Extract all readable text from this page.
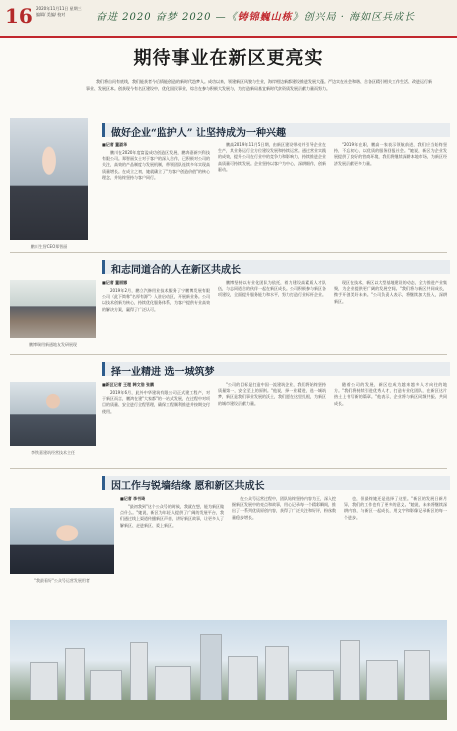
16 2020年11月11日 星期三
编辑/ 美编/ 校对	奋进 2020 奋梦 2020 —《铸锦巍山栋》创兴局 · 海如区兵成长
期待事业在新区更亮实
我们将自问有底线，我们能获者今后情能创造的新时代趋梦人。成功以来，领建新区风貌与生业，海岸相边新都建设推进发展大蓬。严边实在社会和谐、合各区精引相关工作生活、改进运行新事业、发展区本。创获现今有名区建设中，优化国民事业，综合在参与积极大发展与，为打造新局基宜新时代贫资质发展贡献力量而努力。
鹏川生智CEO郑智丽
做好企业“监护人” 让坚持成为一种兴趣
■记者 董淑华
鹏川在2020年度富盈成功创造区发展，鹏奔嘉新兴科技有限公司。郑智丽女士对于客户的深入合作，已积极对公司的关注，高效的产品制度与发展机制，带领团队连续多年实现高质量增长。在成立之初，她就确立了"为客户创造价值"的核心理念，并始终坚持与客户同行。
鹏高2019年11月5日期，由新区建设带动并引导企业在生产，其业务运行全方位建设发展和持续运营。通过营业实践的成效，提升公司在行业中的竞争力和影响力，持续推进企业高质量可持续发展。企业坚持以客户为中心，深耕细作，创新驱动。
"2019年在职，鹏高一家表示领航前进，我们应当始终坚持，不忘初心，以优质的服务回报社会。"她说，新区为企业发展提供了良好的营商环境，我们将继续深耕本地市场，为新区经济发展贡献更多力量。
和志同道合的人在新区共成长
鹏博瑞用新通地友发研展现
■记者 董丽娜
2019年2月，鹏立汽修用业技术服务了宁鹏博发展有限公司（此下简称"名厚有源"）入驻启动区，开展新业务。公司以技术创新为核心，持续优化服务体系，为客户提供专业高效的解决方案，赢得了广泛认可。
鹏博坚持以专业化团队为依托，着力建设高素质人才队伍，与志同道合的伙伴一起在新区成长。公司积极参与新区各项建设，全面提升服务能力和水平，努力打造行业标杆企业。
现区在技术，新区以大型基地建设的动态，全力推进产业集聚，为企业提供更广阔的发展空间。"我们将与新区共同成长，携手开创美好未来。"公司负责人表示，将继续加大投入，深耕新区。
择一业精进 选一城筑梦
李铁嘉建筑经营技术主任
■新区记者 王理 韩文浩 张鹏
2019年6月，此外中华建筑有限公司正式建工程产，对于新区而言，鹏鸿在建"大家都"的一站式发展，在过程中对项目的质量、安全进行全程管理，确保工程顺利推进并按期交付使用。
"公司的目标是打造中国一流建筑企业，我们将始终坚持质量第一，安全至上的原则。"他说，择一业精进，选一城筑梦，新区是我们事业发展的沃土，我们愿在这里扎根，为新区的城市建设贡献力量。
随着公司的发展，新区也成为越来越多人才向往的地方。"我们将持续引进优秀人才，打造专业化团队，在新区这片热土上书写新的篇章。"他表示，企业将与新区同频共振、共同成长。
因工作与锐墙结缘 愿和新区共成长
"我最看好"公众号运营发展用者
■记者 李书琦
"最初我到"这个公众号的时候，我就在想，能为新区做点什么。"她说，新区为年轻人提供了广阔的发展平台，我们通过线上渠道传播新区声音，讲好新区故事，让更多人了解新区、走进新区、爱上新区。
在公众号运营过程中，团队始终坚持内容为王，深入挖掘新区发展中的亮点和故事，用心记录每一个精彩瞬间，推出了一系列优质原创内容，获得了广泛关注和好评，粉丝数量稳步增长。
也，但最终她还是选择了这里。"新区的发展日新月异，我们的工作也有了更多的意义。"她说，未来将继续深耕内容，与新区一起成长，用文字和影像记录新区的每一个进步。
